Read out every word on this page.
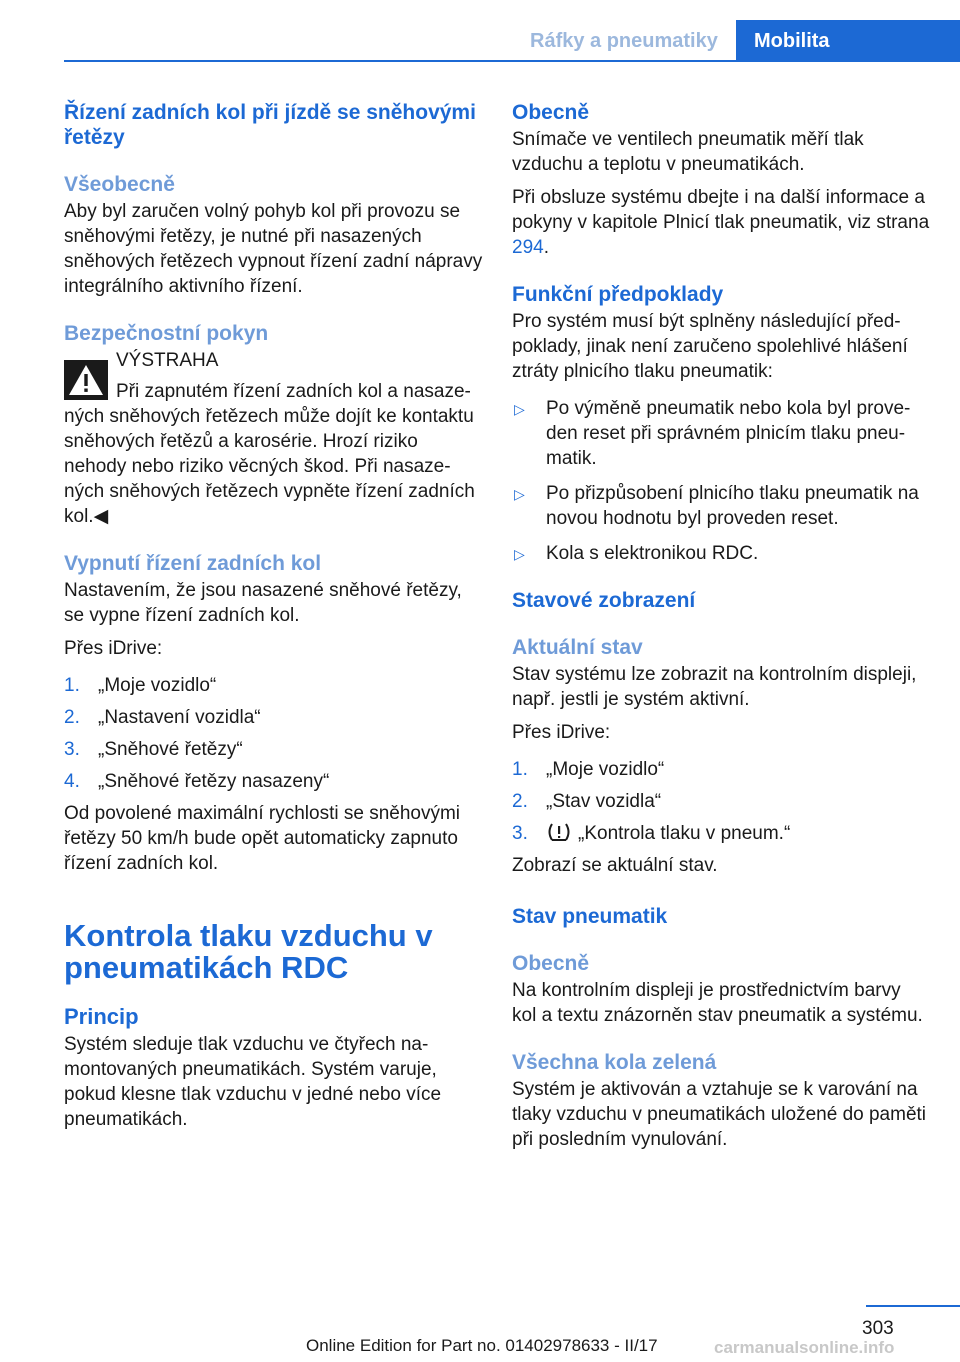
Ráfky a pneumatiky Mobilita
Řízení zadních kol při jízdě se sněhovými řetězy
Všeobecně

Aby byl zaručen volný pohyb kol při provozu se sněhovými řetězy, je nutné při nasazených sněhových řetězech vypnout řízení zadní nápravy integrálního aktivního řízení.

Bezpečnostní pokyn
VÝSTRAHA

Při zapnutém řízení zadních kol a nasazených sněhových řetězech může dojít ke kontaktu sněhových řetězů a karosérie. Hrozí riziko nehody nebo riziko věcných škod. Při nasazených sněhových řetězech vypněte řízení zadních kol.◀

Vypnutí řízení zadních kol

Nastavením, že jsou nasazené sněhové řetězy, se vypne řízení zadních kol.

Přes iDrive:

1. „Moje vozidlo“
2. „Nastavení vozidla“
3. „Sněhové řetězy“
4. „Sněhové řetězy nasazeny“

Od povolené maximální rychlosti se sněhovými řetězy 50 km/h bude opět automaticky zapnuto řízení zadních kol.

Kontrola tlaku vzduchu v pneumatikách RDC
Princip

Systém sleduje tlak vzduchu ve čtyřech namontovaných pneumatikách. Systém varuje, pokud klesne tlak vzduchu v jedné nebo více pneumatikách.

Obecně

Snímače ve ventilech pneumatik měří tlak vzduchu a teplotu v pneumatikách.

Při obsluze systému dbejte i na další informace a pokyny v kapitole Plnicí tlak pneumatik, viz strana 294.

Funkční předpoklady

Pro systém musí být splněny následující předpoklady, jinak není zaručeno spolehlivé hlášení ztráty plnicího tlaku pneumatik:

▷ Po výměně pneumatik nebo kola byl proveden reset při správném plnicím tlaku pneumatik.
▷ Po přizpůsobení plnicího tlaku pneumatik na novou hodnotu byl proveden reset.
▷ Kola s elektronikou RDC.
Stavové zobrazení
Aktuální stav

Stav systému lze zobrazit na kontrolním displeji, např. jestli je systém aktivní.

Přes iDrive:

1. „Moje vozidlo“
2. „Stav vozidla“
3.	„Kontrola tlaku v pneum.“

Zobrazí se aktuální stav.

Stav pneumatik
Obecně

Na kontrolním displeji je prostřednictvím barvy kol a textu znázorněn stav pneumatik a systému.

Všechna kola zelená

Systém je aktivován a vztahuje se k varování na tlaky vzduchu v pneumatikách uložené do paměti při posledním vynulování.

303
Online Edition for Part no. 01402978633 - II/17	carmanualsonline.info
